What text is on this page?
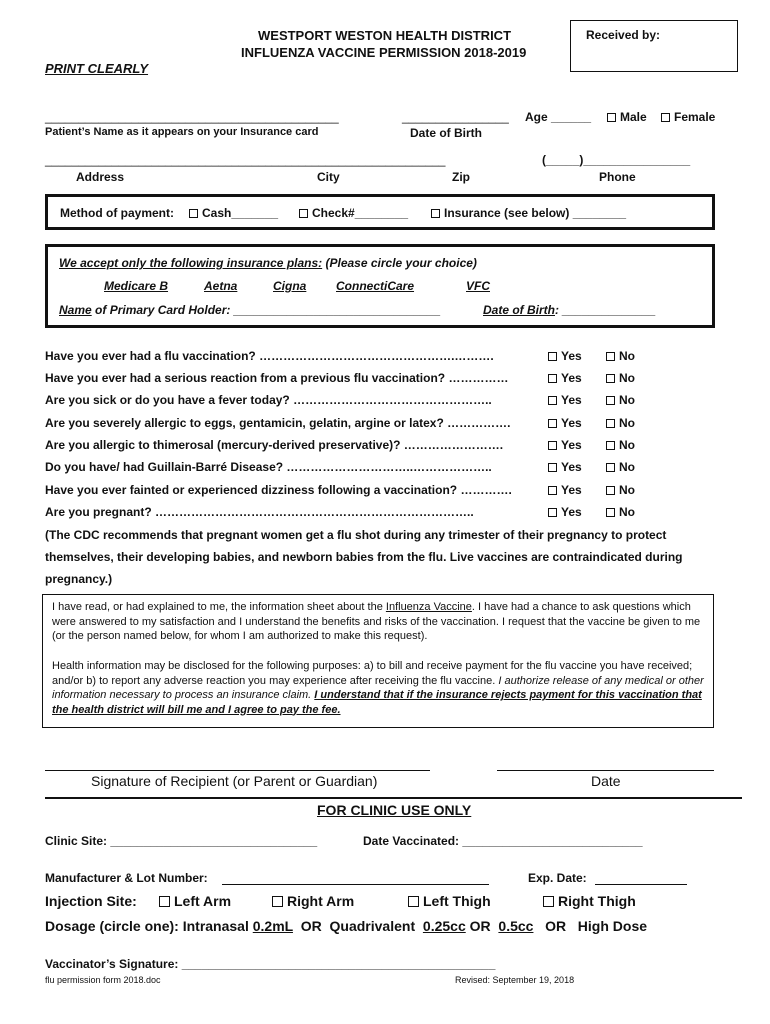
WESTPORT WESTON HEALTH DISTRICT
INFLUENZA VACCINE PERMISSION 2018-2019
Received by:
PRINT CLEARLY
____________________________________________
Patient’s Name as it appears on your Insurance card
________________
Date of Birth
Age ______	Male	Female
____________________________________________________________	(_____)________________
Address	City	Zip	Phone
Method of payment:	Cash_______	Check#________	Insurance (see below) ________
We accept only the following insurance plans: (Please circle your choice)
Medicare B	Aetna	Cigna ConnectiCare	VFC
Name of Primary Card Holder: _______________________________	Date of Birth: ______________
Have you ever had a flu vaccination? ………………………………………….……….	Yes	No
Have you ever had a serious reaction from a previous flu vaccination? ……………	Yes	No
Are you sick or do you have a fever today? …………………………………………..	Yes	No
Are you severely allergic to eggs, gentamicin, gelatin, argine or latex? …………….	Yes	No
Are you allergic to thimerosal (mercury-derived preservative)? …………………….	Yes	No
Do you have/ had Guillain-Barré Disease? …………………………..………………..	Yes	No
Have you ever fainted or experienced dizziness following a vaccination? ………….	Yes	No
Are you pregnant? ……………………………………………………………………..	Yes	No
(The CDC recommends that pregnant women get a flu shot during any trimester of their pregnancy to protect
themselves, their developing babies, and newborn babies from the flu. Live vaccines are contraindicated during
pregnancy.)
I have read, or had explained to me, the information sheet about the Influenza Vaccine. I have had a chance to ask questions which were answered to my satisfaction and I understand the benefits and risks of the vaccination. I request that the vaccine be given to me (or the person named below, for whom I am authorized to make this request).
Health information may be disclosed for the following purposes: a) to bill and receive payment for the flu vaccine you have received; and/or b) to report any adverse reaction you may experience after receiving the flu vaccine. I authorize release of any medical or other information necessary to process an insurance claim. I understand that if the insurance rejects payment for this vaccination that the health district will bill me and I agree to pay the fee.
Signature of Recipient (or Parent or Guardian)	Date
FOR CLINIC USE ONLY
Clinic Site: _______________________________	Date Vaccinated: ___________________________
Manufacturer & Lot Number:	Exp. Date:
Injection Site:	Left Arm	Right Arm	Left Thigh	Right Thigh
Dosage (circle one): Intranasal 0.2mL OR Quadrivalent 0.25cc OR 0.5cc OR High Dose
Vaccinator’s Signature: _______________________________________________
flu permission form 2018.doc	Revised: September 19, 2018
